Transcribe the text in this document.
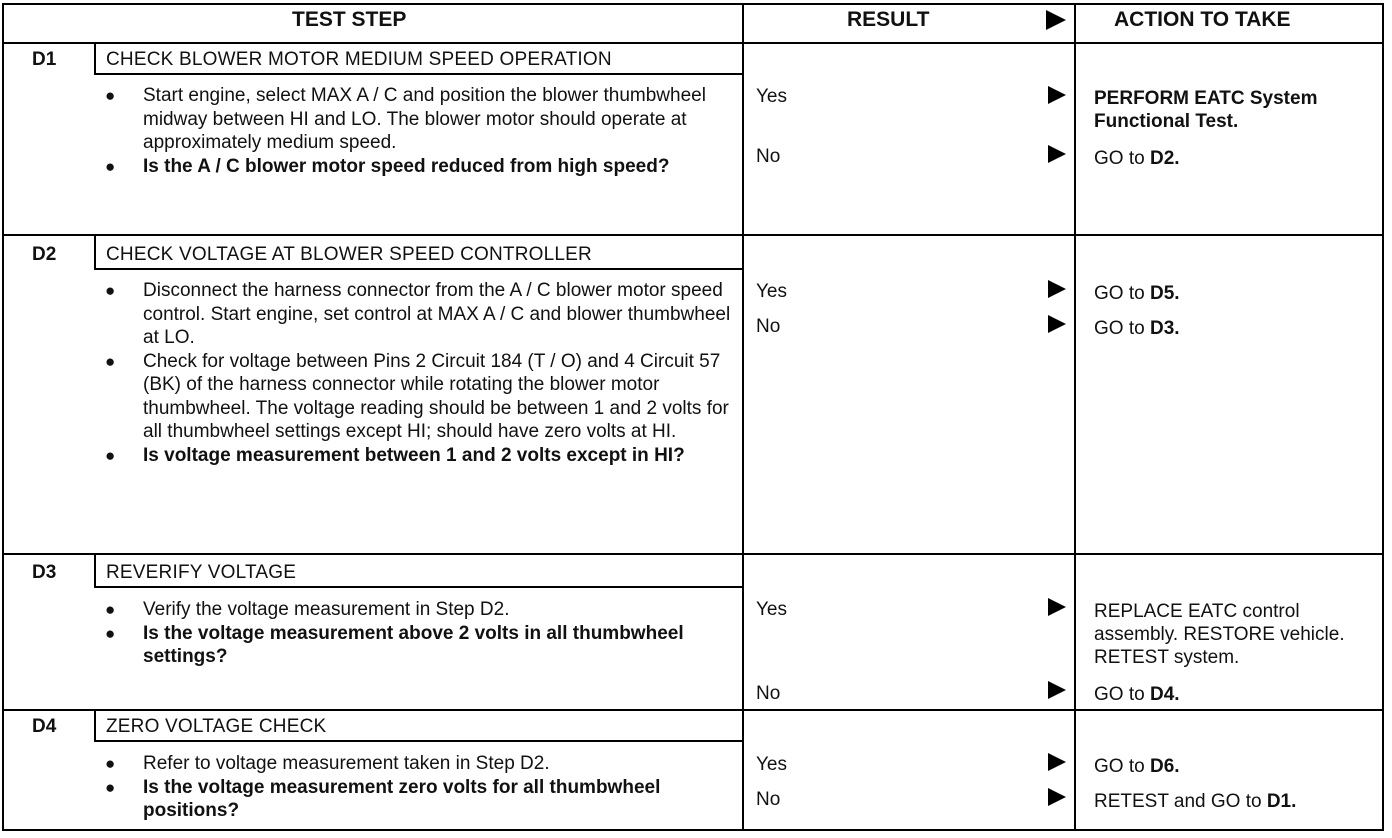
TEST STEP	RESULT	ACTION TO TAKE
D1	CHECK BLOWER MOTOR MEDIUM SPEED OPERATION
●	Start engine, select MAX A / C and position the blower thumbwheel midway between HI and LO. The blower motor should operate at approximately medium speed.
●	Is the A / C blower motor speed reduced from high speed?
Yes	PERFORM EATC System Functional Test.
No	GO to D2.
D2	CHECK VOLTAGE AT BLOWER SPEED CONTROLLER
●	Disconnect the harness connector from the A / C blower motor speed control. Start engine, set control at MAX A / C and blower thumbwheel at LO.
●	Check for voltage between Pins 2 Circuit 184 (T / O) and 4 Circuit 57 (BK) of the harness connector while rotating the blower motor thumbwheel. The voltage reading should be between 1 and 2 volts for all thumbwheel settings except HI; should have zero volts at HI.
●	Is voltage measurement between 1 and 2 volts except in HI?
Yes	GO to D5.
No	GO to D3.
D3	REVERIFY VOLTAGE
●	Verify the voltage measurement in Step D2.
●	Is the voltage measurement above 2 volts in all thumbwheel settings?
Yes	REPLACE EATC control assembly. RESTORE vehicle. RETEST system.
No	GO to D4.
D4	ZERO VOLTAGE CHECK
●	Refer to voltage measurement taken in Step D2.
●	Is the voltage measurement zero volts for all thumbwheel positions?
Yes	GO to D6.
No	RETEST and GO to D1.
